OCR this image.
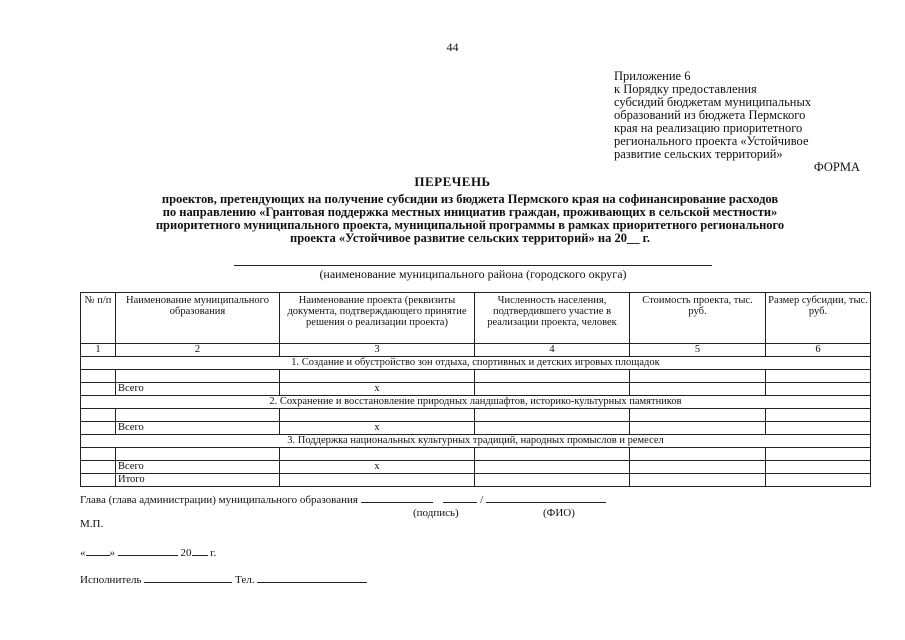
44
Приложение 6
к Порядку предоставления
субсидий бюджетам муниципальных
образований из бюджета Пермского
края на реализацию приоритетного
регионального проекта «Устойчивое
развитие сельских территорий»
ФОРМА
ПЕРЕЧЕНЬ
проектов, претендующих на получение субсидии из бюджета Пермского края на софинансирование расходов
по направлению «Грантовая поддержка местных инициатив граждан, проживающих в сельской местности»
приоритетного муниципального проекта, муниципальной программы в рамках приоритетного регионального
проекта «Устойчивое развитие сельских территорий» на 20__ г.
(наименование муниципального района (городского округа)
№ п/п	Наименование муниципального образования	Наименование проекта (реквизиты документа, подтверждающего принятие решения о реализации проекта)	Численность населения, подтвердившего участие в реализации проекта, человек	Стоимость проекта, тыс. руб.	Размер субсидии, тыс. руб.
1	2	3	4	5	6
1. Создание и обустройство зон отдыха, спортивных и детских игровых площадок					

	Всего	х			
2. Сохранение и восстановление природных ландшафтов, историко-культурных памятников					

	Всего	х			
3. Поддержка национальных культурных традиций, народных промыслов и ремесел					

	Всего	х			
	Итого				
Глава (глава администрации) муниципального образования	/
(подпись)	(ФИО)
М.П.
« »	20 г.
Исполнитель	Тел.
